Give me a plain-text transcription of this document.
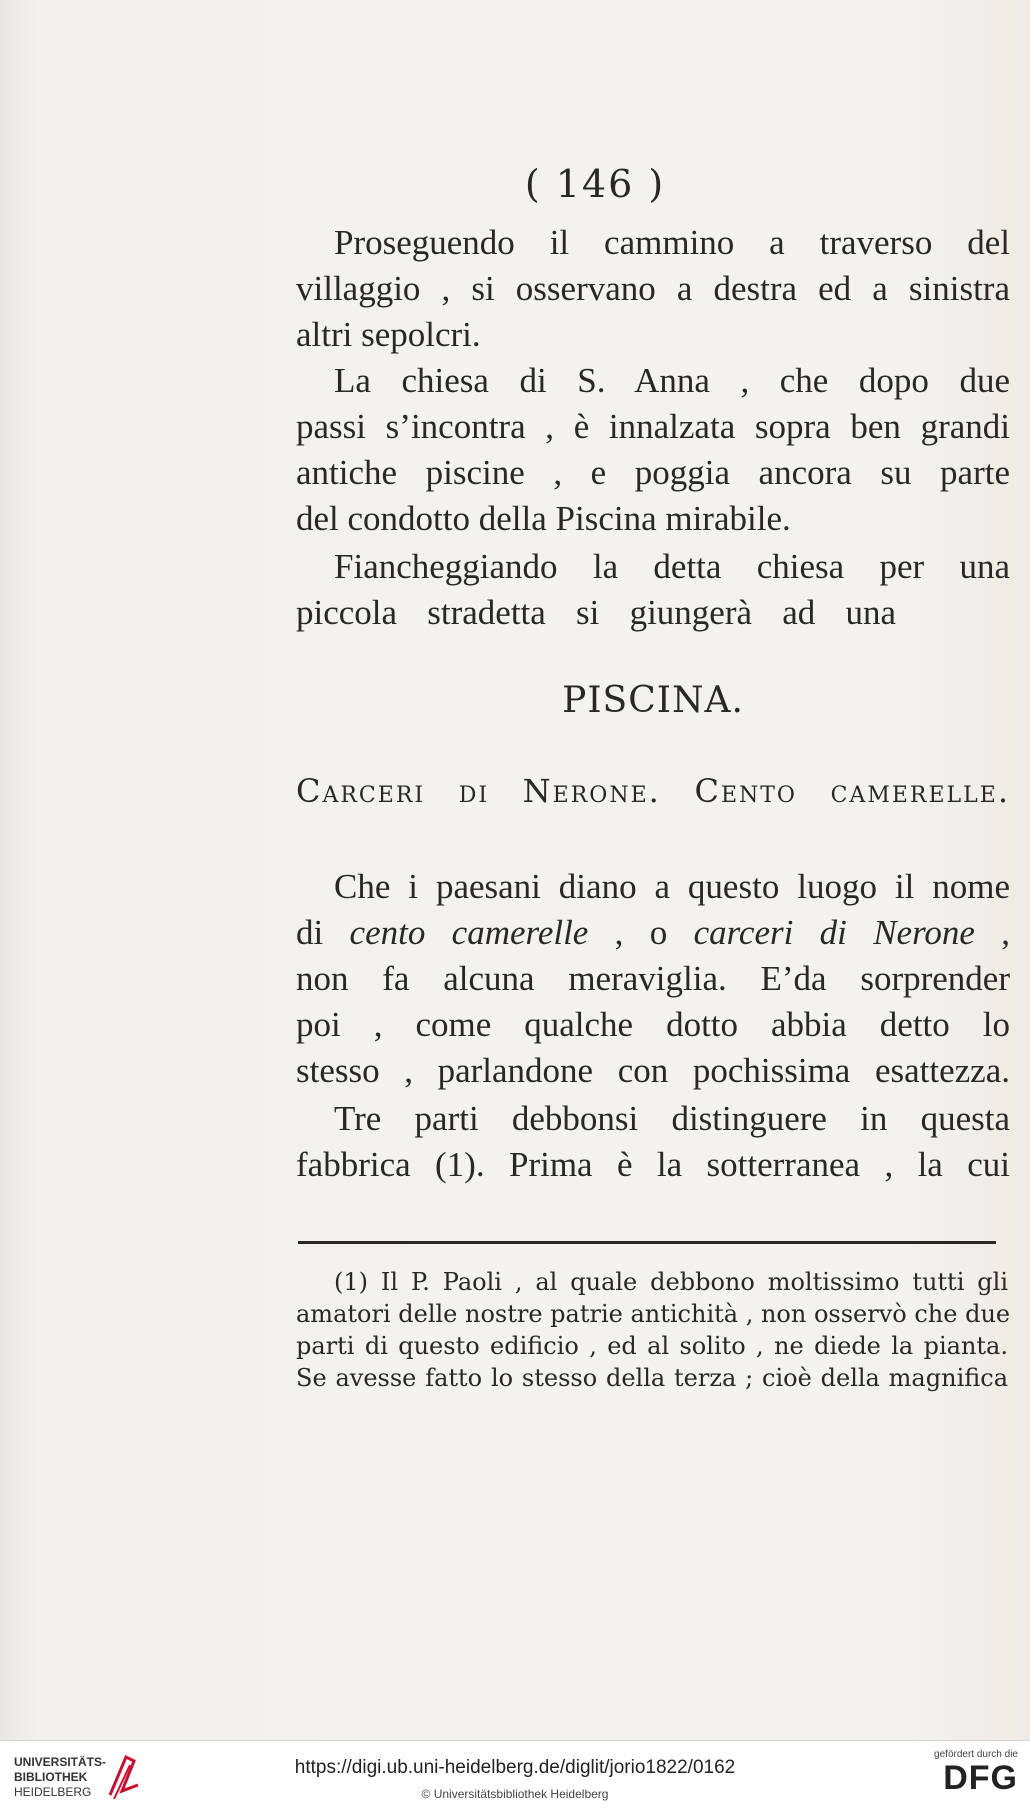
( 146 )

Proseguendo il cammino a traverso del
villaggio , si osservano a destra ed a sinistra
altri sepolcri.

La chiesa di S. Anna , che dopo due
passi s’incontra , è innalzata sopra ben grandi
antiche piscine , e poggia ancora su parte
del condotto della Piscina mirabile.

Fiancheggiando la detta chiesa per una
piccola stradetta si giungerà ad una

PISCINA.
Carceri di Nerone. Cento camerelle.

Che i paesani diano a questo luogo il nome
di cento camerelle , o carceri di Nerone ,
non fa alcuna meraviglia. E’da sorprender
poi , come qualche dotto abbia detto lo
stesso , parlandone con pochissima esattezza.

Tre parti debbonsi distinguere in questa
fabbrica (1). Prima è la sotterranea , la cui

(1) Il P. Paoli , al quale debbono moltissimo tutti gli
amatori delle nostre patrie antichità , non osservò che due
parti di questo edificio , ed al solito , ne diede la pianta.
Se avesse fatto lo stesso della terza ; cioè della magnifica
UNIVERSITÄTS-
BIBLIOTHEK
HEIDELBERG
https://digi.ub.uni-heidelberg.de/diglit/jorio1822/0162
© Universitätsbibliothek Heidelberg
gefördert durch die
DFG
